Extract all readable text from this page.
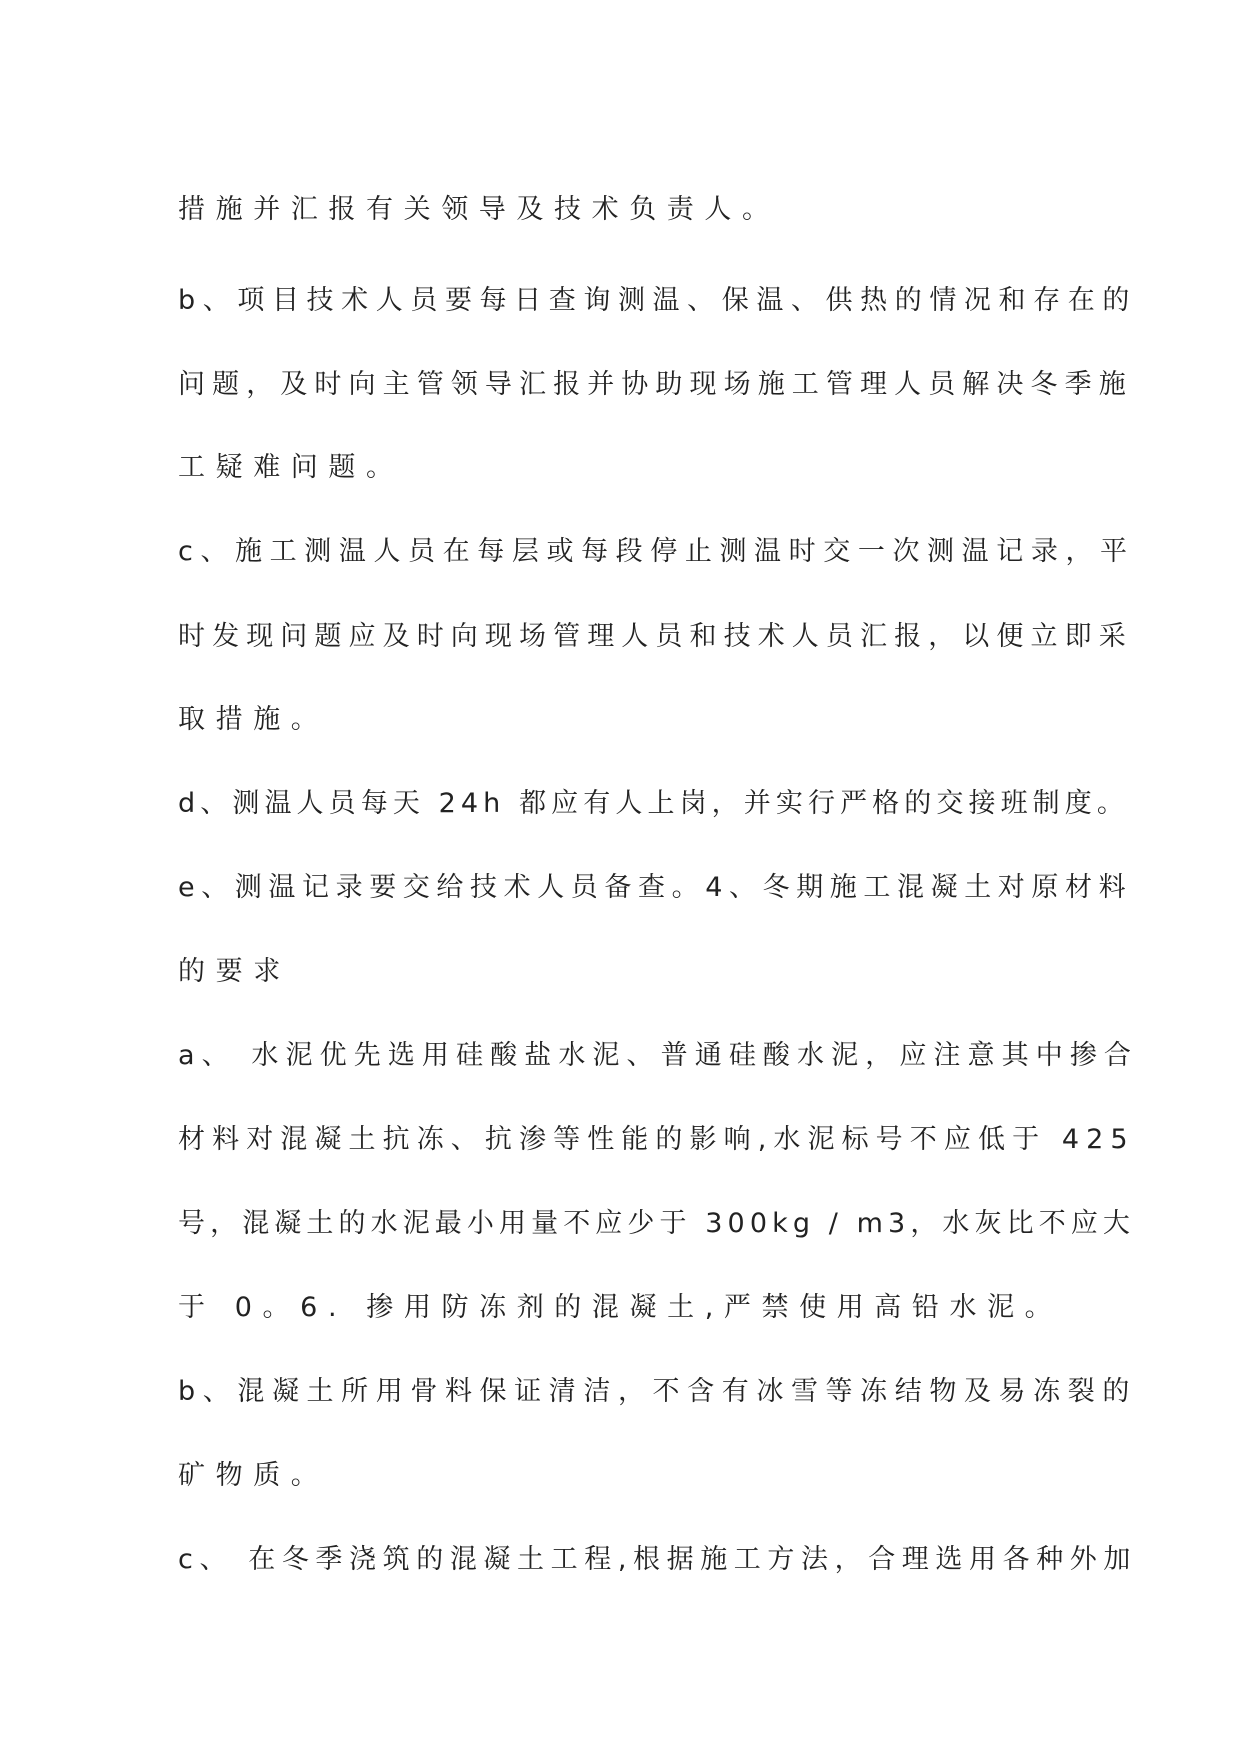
措施并汇报有关领导及技术负责人。
b、项目技术人员要每日查询测温、保温、供热的情况和存在的
问题，及时向主管领导汇报并协助现场施工管理人员解决冬季施
工疑难问题。
c、施工测温人员在每层或每段停止测温时交一次测温记录，平
时发现问题应及时向现场管理人员和技术人员汇报，以便立即采
取措施。
d、测温人员每天 24h 都应有人上岗，并实行严格的交接班制度。
e、测温记录要交给技术人员备查。4、冬期施工混凝土对原材料
的要求
a、 水泥优先选用硅酸盐水泥、普通硅酸水泥，应注意其中掺合
材料对混凝土抗冻、抗渗等性能的影响,水泥标号不应低于 425
号，混凝土的水泥最小用量不应少于 300kg / m3，水灰比不应大
于 0。6. 掺用防冻剂的混凝土,严禁使用高铅水泥。
b、混凝土所用骨料保证清洁，不含有冰雪等冻结物及易冻裂的
矿物质。
c、 在冬季浇筑的混凝土工程,根据施工方法，合理选用各种外加
